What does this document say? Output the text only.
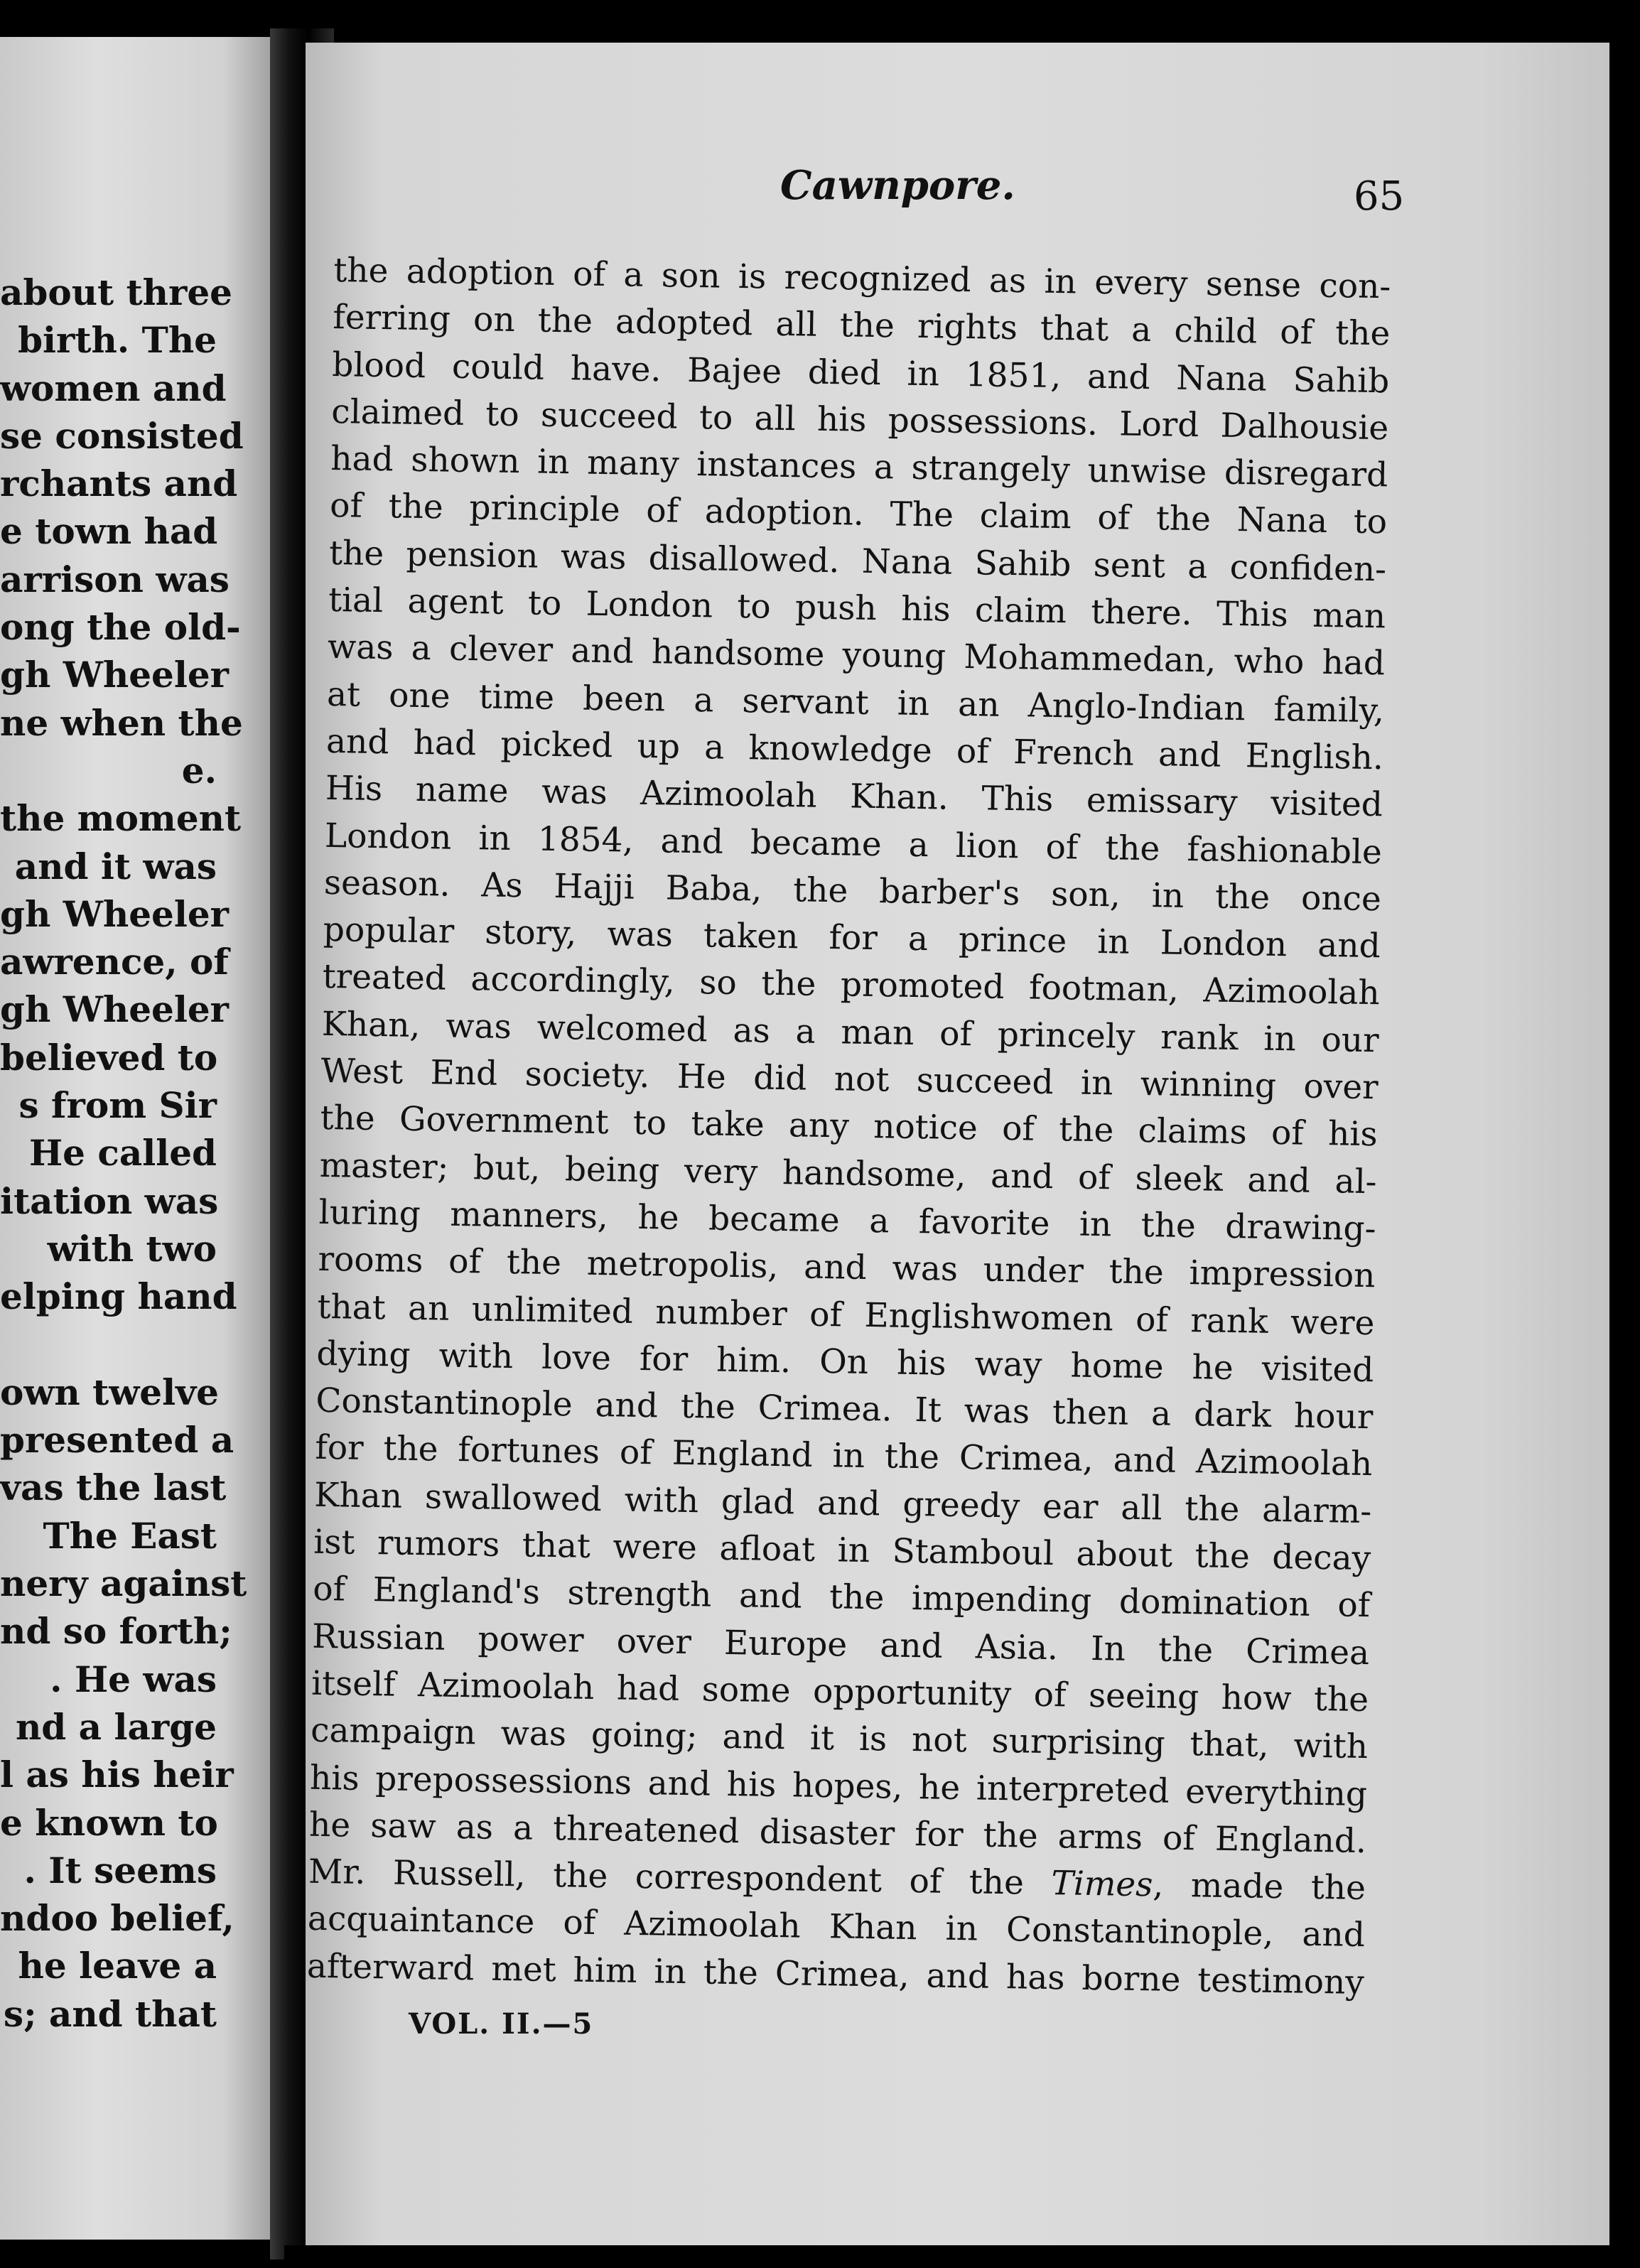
about three
birth. The
women and
se consisted
rchants and
e town had
arrison was
ong the old-
gh Wheeler
ne when the
e.
the moment
and it was
gh Wheeler
awrence, of
gh Wheeler
believed to
s from Sir
He called
itation was
with two
elping hand
own twelve
presented a
vas the last
The East
nery against
nd so forth;
. He was
nd a large
l as his heir
e known to
. It seems
ndoo belief,
he leave a
s; and that
Cawnpore.	65
the adoption of a son is recognized as in every sense con-
ferring on the adopted all the rights that a child of the
blood could have. Bajee died in 1851, and Nana Sahib
claimed to succeed to all his possessions. Lord Dalhousie
had shown in many instances a strangely unwise disregard
of the principle of adoption. The claim of the Nana to
the pension was disallowed. Nana Sahib sent a confiden-
tial agent to London to push his claim there. This man
was a clever and handsome young Mohammedan, who had
at one time been a servant in an Anglo-Indian family,
and had picked up a knowledge of French and English.
His name was Azimoolah Khan. This emissary visited
London in 1854, and became a lion of the fashionable
season. As Hajji Baba, the barber's son, in the once
popular story, was taken for a prince in London and
treated accordingly, so the promoted footman, Azimoolah
Khan, was welcomed as a man of princely rank in our
West End society. He did not succeed in winning over
the Government to take any notice of the claims of his
master; but, being very handsome, and of sleek and al-
luring manners, he became a favorite in the drawing-
rooms of the metropolis, and was under the impression
that an unlimited number of Englishwomen of rank were
dying with love for him. On his way home he visited
Constantinople and the Crimea. It was then a dark hour
for the fortunes of England in the Crimea, and Azimoolah
Khan swallowed with glad and greedy ear all the alarm-
ist rumors that were afloat in Stamboul about the decay
of England's strength and the impending domination of
Russian power over Europe and Asia. In the Crimea
itself Azimoolah had some opportunity of seeing how the
campaign was going; and it is not surprising that, with
his prepossessions and his hopes, he interpreted everything
he saw as a threatened disaster for the arms of England.
Mr. Russell, the correspondent of the Times, made the
acquaintance of Azimoolah Khan in Constantinople, and
afterward met him in the Crimea, and has borne testimony
VOL. II.—5
